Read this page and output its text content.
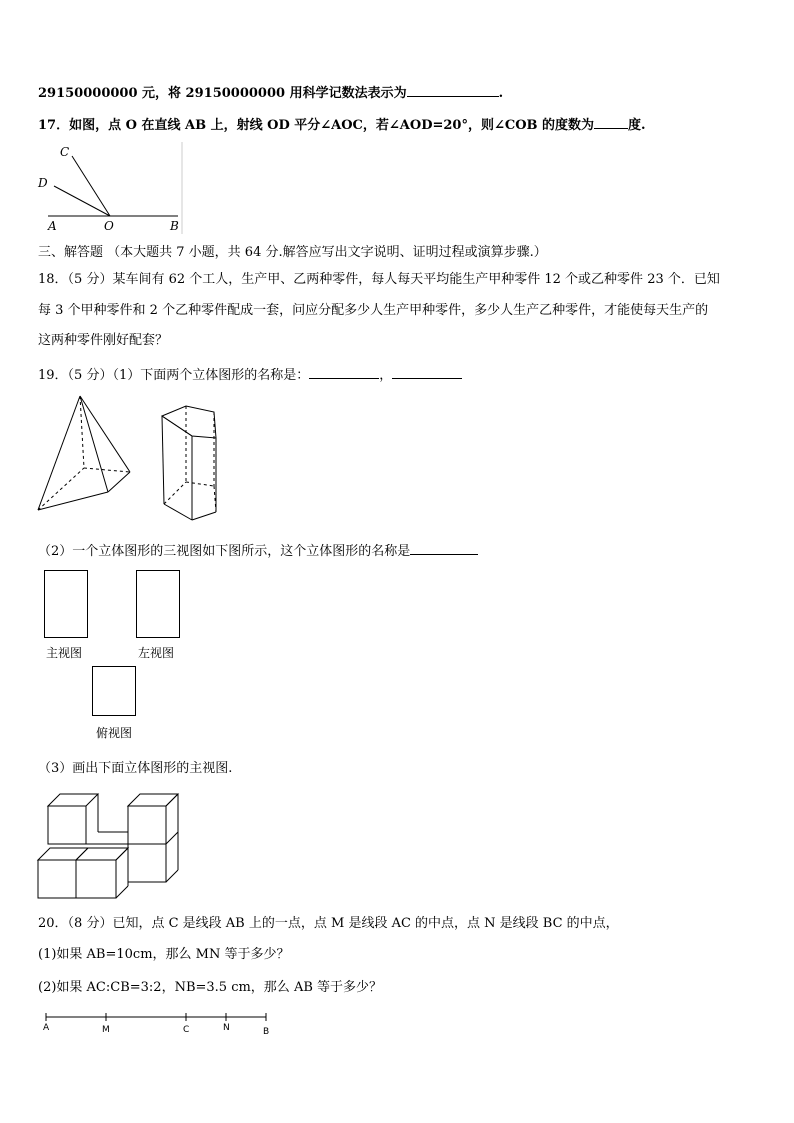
29150000000 元，将 29150000000 用科学记数法表示为	.
17．如图，点 O 在直线 AB 上，射线 OD 平分∠AOC，若∠AOD=20°，则∠COB 的度数为	度.
C
D
A	O	B
三、解答题 （本大题共 7 小题，共 64 分.解答应写出文字说明、证明过程或演算步骤.）
18．（5 分）某车间有 62 个工人，生产甲、乙两种零件，每人每天平均能生产甲种零件 12 个或乙种零件 23 个．已知
每 3 个甲种零件和 2 个乙种零件配成一套，问应分配多少人生产甲种零件，多少人生产乙种零件，才能使每天生产的
这两种零件刚好配套？
19．（5 分）（1）下面两个立体图形的名称是：	，
（2）一个立体图形的三视图如下图所示，这个立体图形的名称是
主视图	左视图
俯视图
（3）画出下面立体图形的主视图.
20．（8 分）已知，点 C 是线段 AB 上的一点，点 M 是线段 AC 的中点，点 N 是线段 BC 的中点，
(1)如果 AB=10cm，那么 MN 等于多少？
(2)如果 AC:CB=3:2，NB=3.5 cm，那么 AB 等于多少？
A	M	C	N	B
